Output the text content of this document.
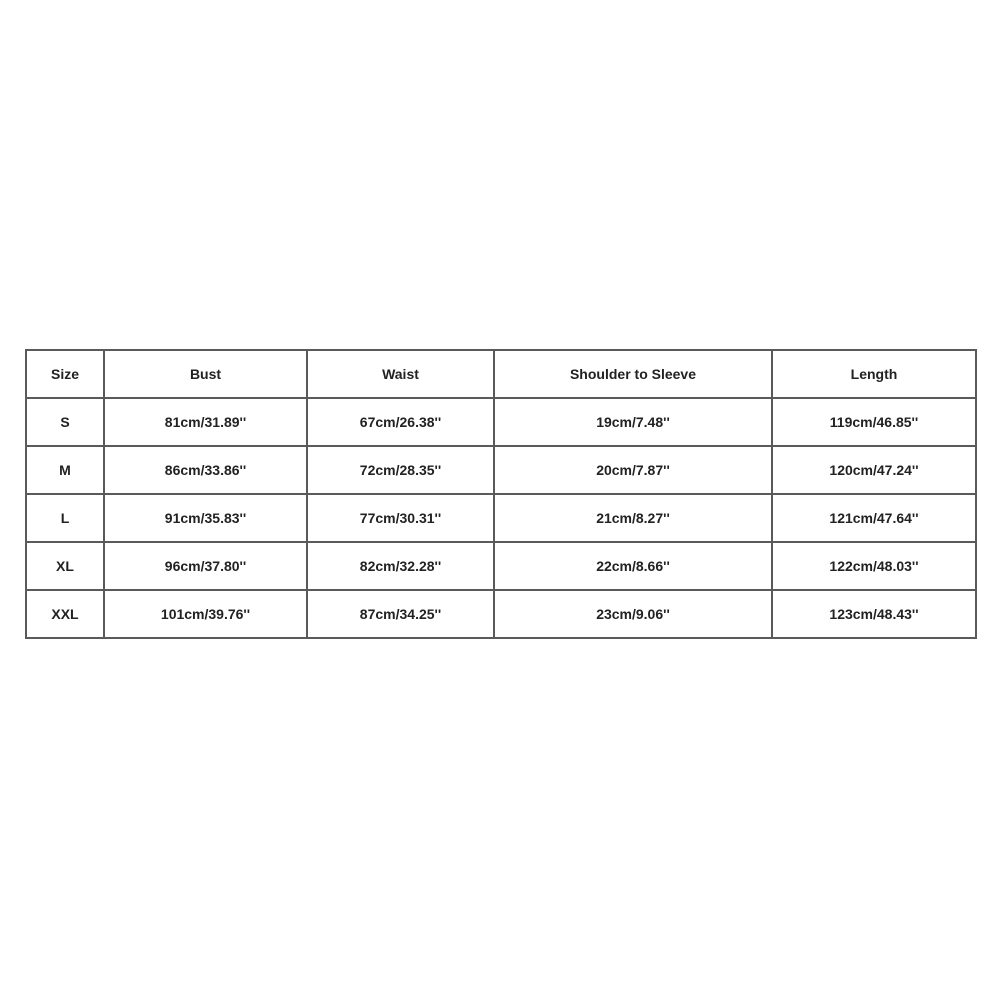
Size	Bust	Waist	Shoulder to Sleeve	Length
S	81cm/31.89''	67cm/26.38''	19cm/7.48''	119cm/46.85''
M	86cm/33.86''	72cm/28.35''	20cm/7.87''	120cm/47.24''
L	91cm/35.83''	77cm/30.31''	21cm/8.27''	121cm/47.64''
XL	96cm/37.80''	82cm/32.28''	22cm/8.66''	122cm/48.03''
XXL	101cm/39.76''	87cm/34.25''	23cm/9.06''	123cm/48.43''
